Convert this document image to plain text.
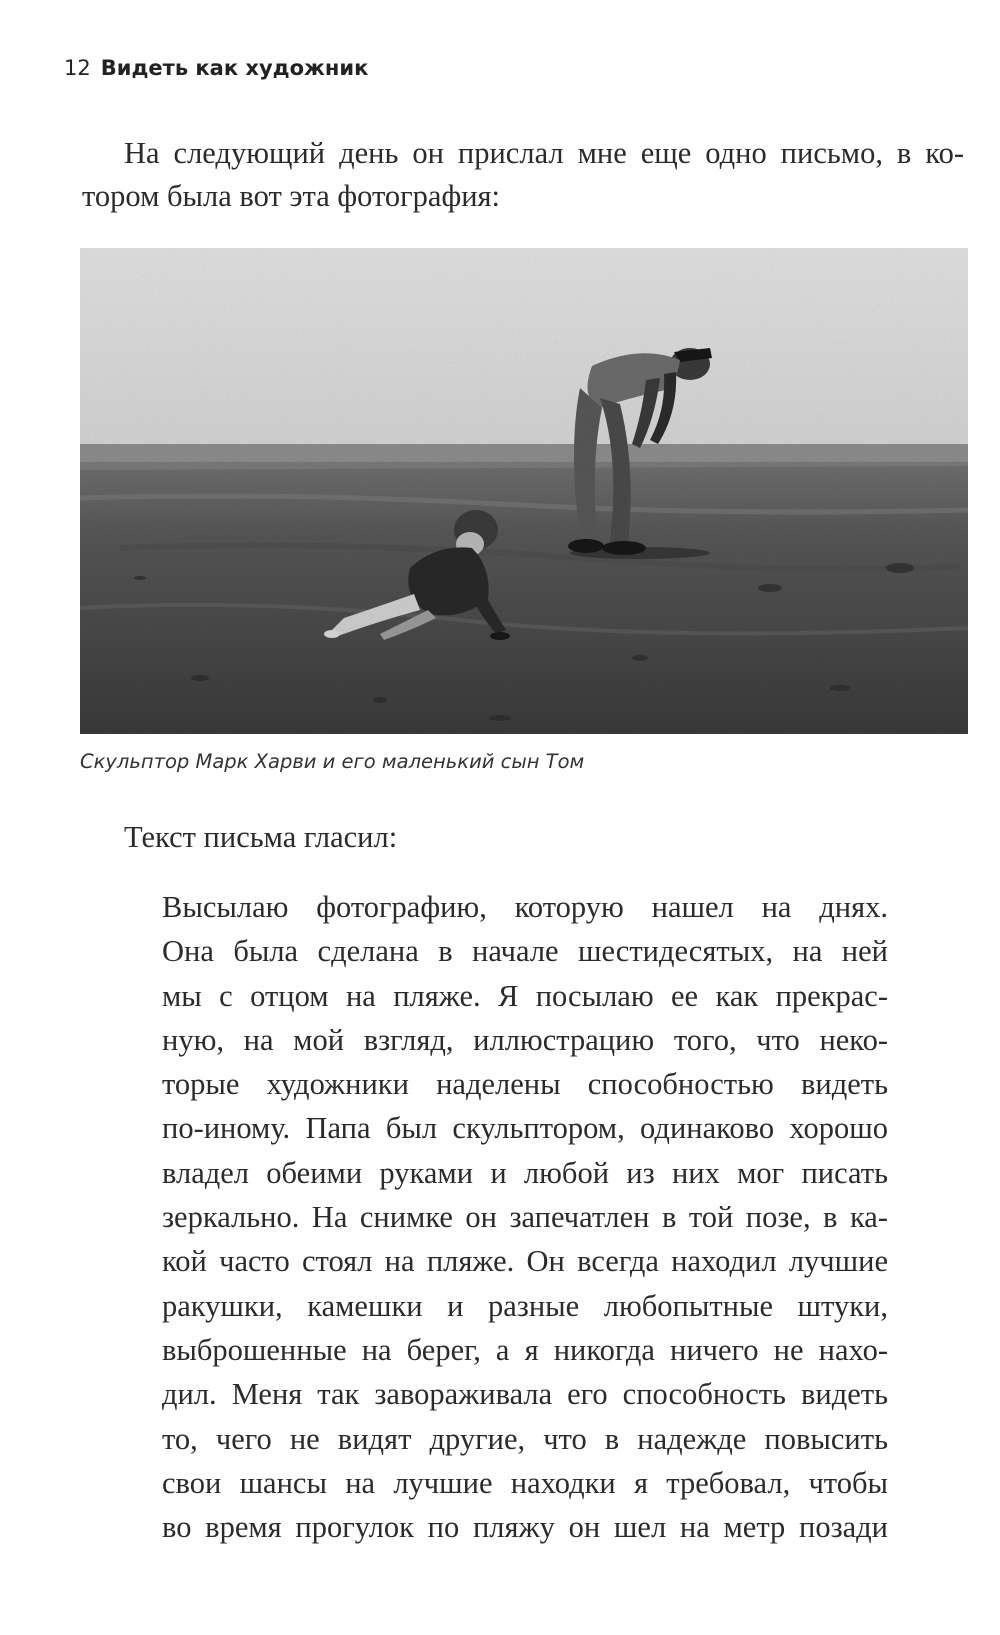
12 Видеть как художник
На следующий день он прислал мне еще одно письмо, в ко-
тором была вот эта фотография:
Скульптор Марк Харви и его маленький сын Том
Текст письма гласил:
Высылаю фотографию, которую нашел на днях.
Она была сделана в начале шестидесятых, на ней
мы с отцом на пляже. Я посылаю ее как прекрас-
ную, на мой взгляд, иллюстрацию того, что неко-
торые художники наделены способностью видеть
по-иному. Папа был скульптором, одинаково хорошо
владел обеими руками и любой из них мог писать
зеркально. На снимке он запечатлен в той позе, в ка-
кой часто стоял на пляже. Он всегда находил лучшие
ракушки, камешки и разные любопытные штуки,
выброшенные на берег, а я никогда ничего не нахо-
дил. Меня так завораживала его способность видеть
то, чего не видят другие, что в надежде повысить
свои шансы на лучшие находки я требовал, чтобы
во время прогулок по пляжу он шел на метр позади
